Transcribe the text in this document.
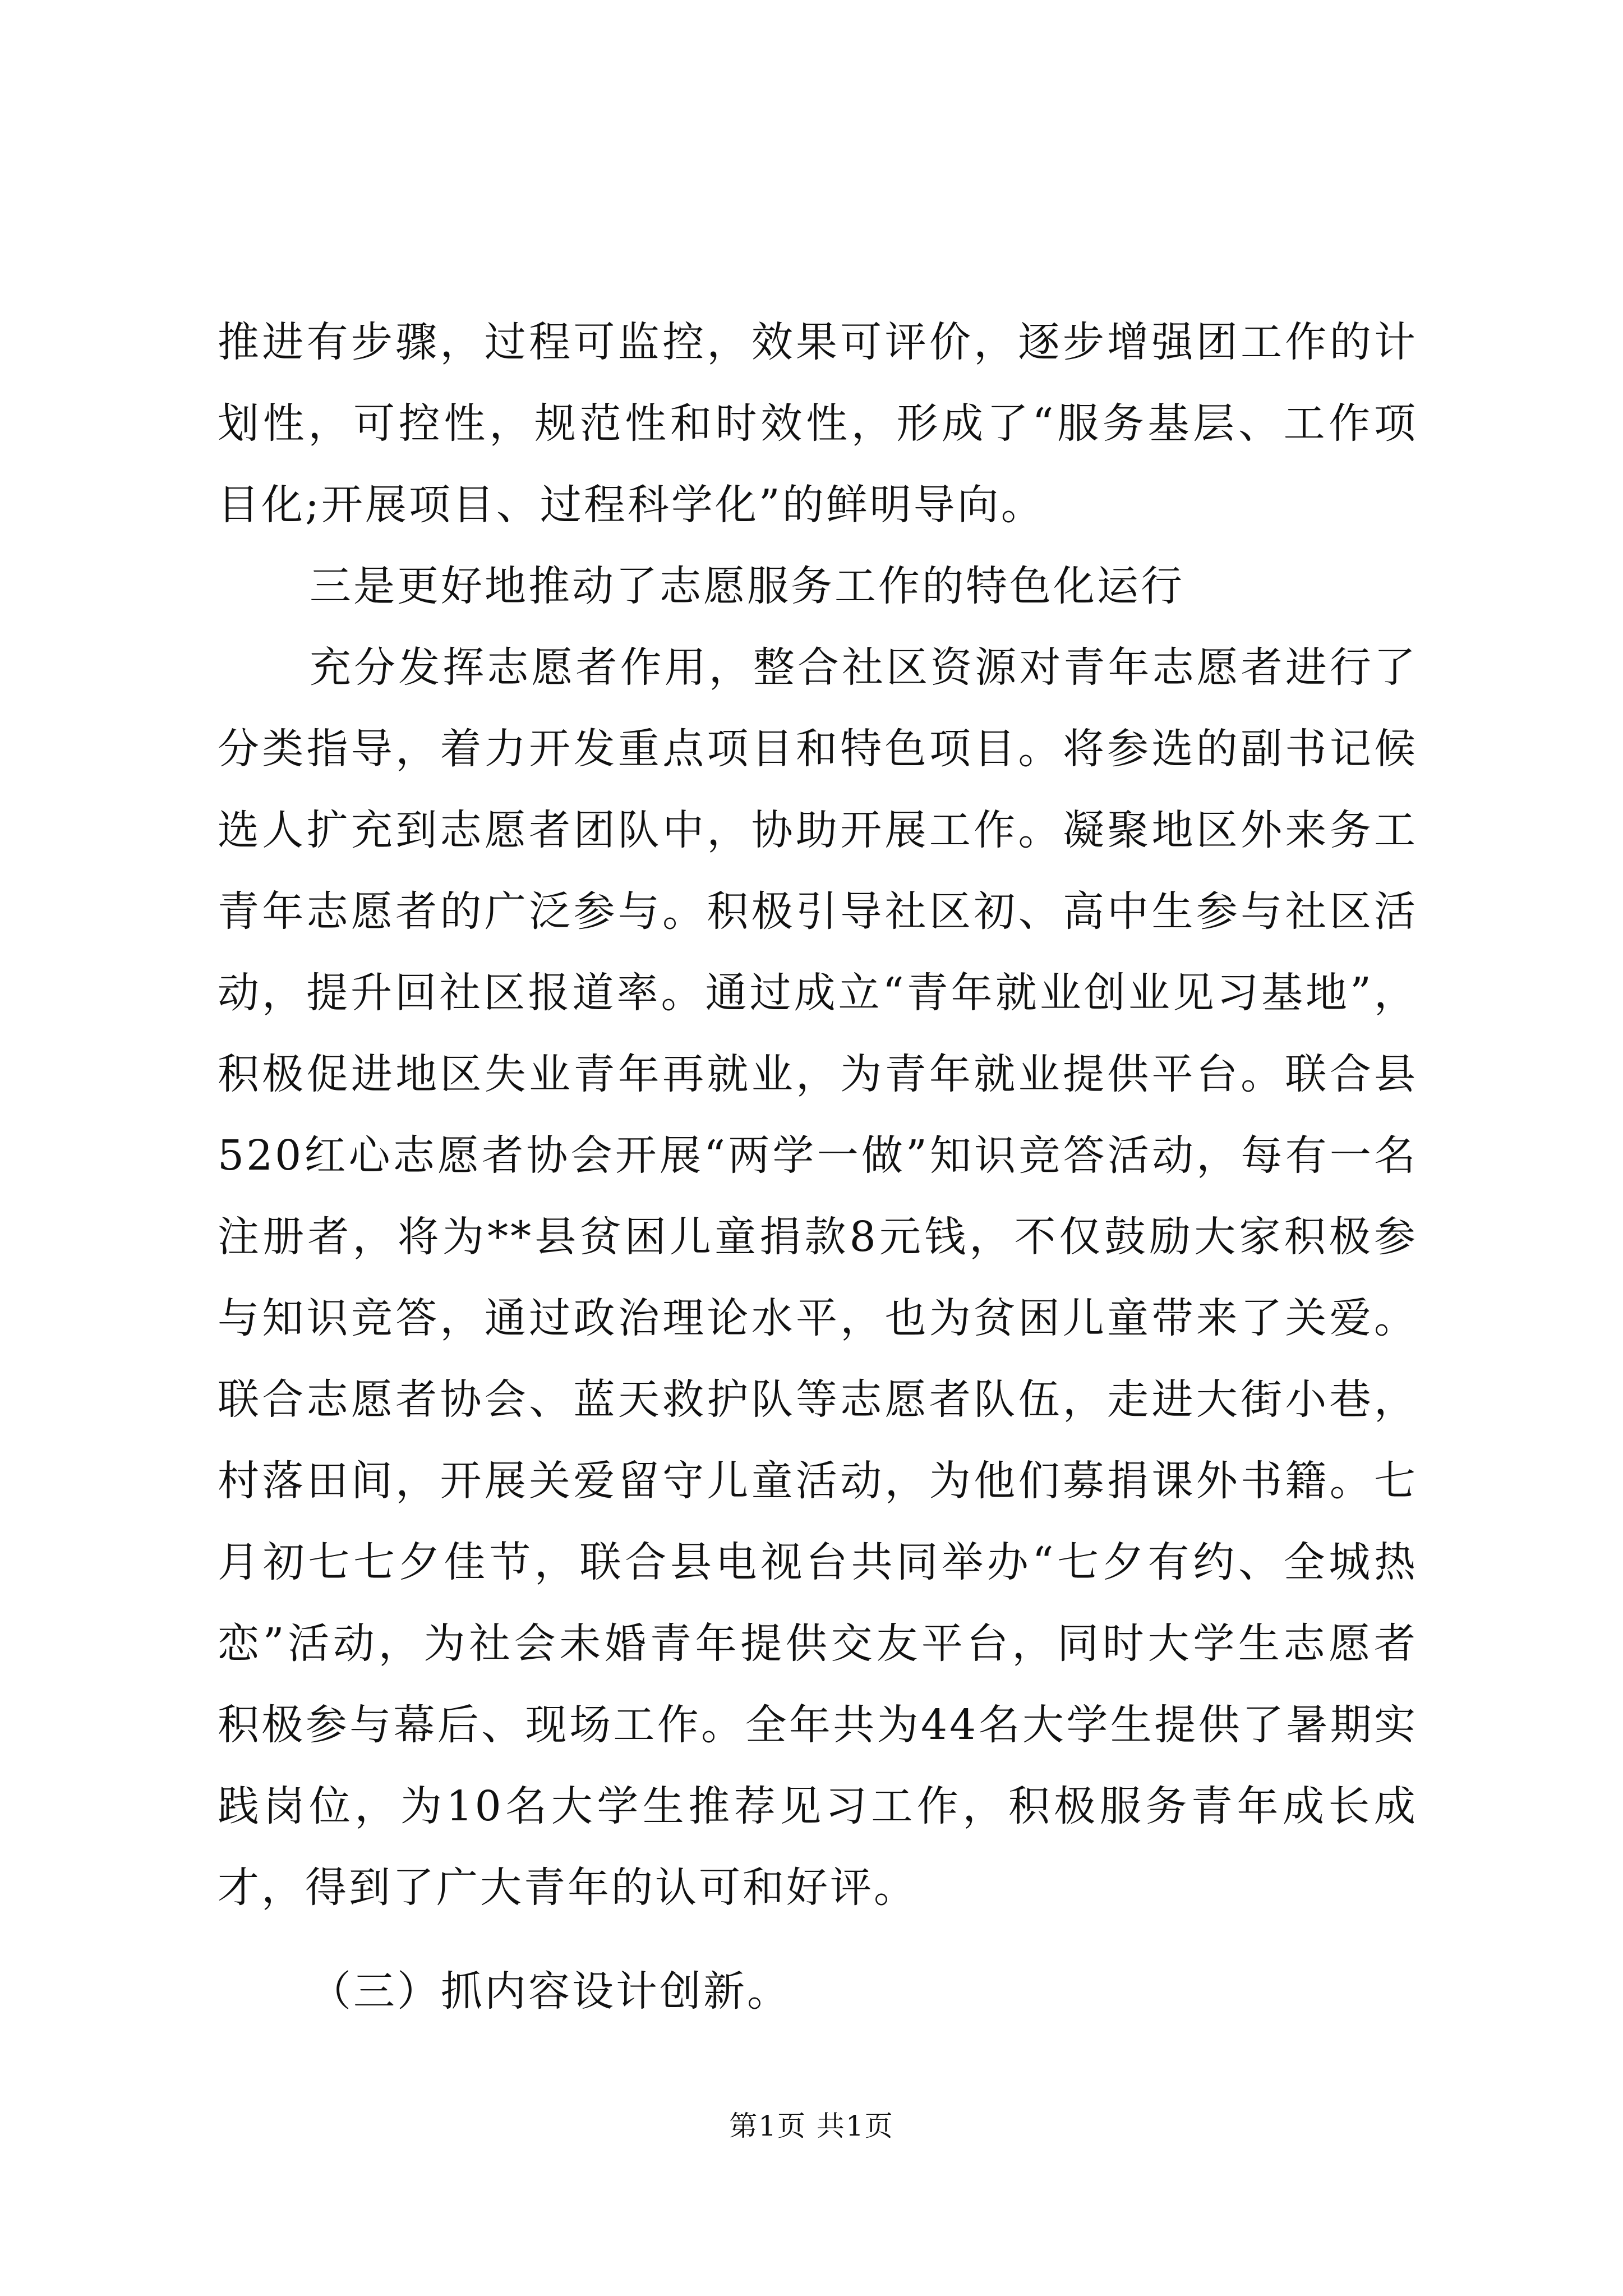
推进有步骤，过程可监控，效果可评价，逐步增强团工作的计划性，可控性，规范性和时效性，形成了“服务基层、工作项目化;开展项目、过程科学化”的鲜明导向。

三是更好地推动了志愿服务工作的特色化运行

充分发挥志愿者作用，整合社区资源对青年志愿者进行了分类指导，着力开发重点项目和特色项目。将参选的副书记候选人扩充到志愿者团队中，协助开展工作。凝聚地区外来务工青年志愿者的广泛参与。积极引导社区初、高中生参与社区活动，提升回社区报道率。通过成立“青年就业创业见习基地”，积极促进地区失业青年再就业，为青年就业提供平台。联合县520红心志愿者协会开展“两学一做”知识竞答活动，每有一名注册者，将为**县贫困儿童捐款8元钱，不仅鼓励大家积极参与知识竞答，通过政治理论水平，也为贫困儿童带来了关爱。联合志愿者协会、蓝天救护队等志愿者队伍，走进大街小巷，村落田间，开展关爱留守儿童活动，为他们募捐课外书籍。七月初七七夕佳节，联合县电视台共同举办“七夕有约、全城热恋”活动，为社会未婚青年提供交友平台，同时大学生志愿者积极参与幕后、现场工作。全年共为44名大学生提供了暑期实践岗位，为10名大学生推荐见习工作，积极服务青年成长成才，得到了广大青年的认可和好评。

（三）抓内容设计创新。

第1页 共1页
